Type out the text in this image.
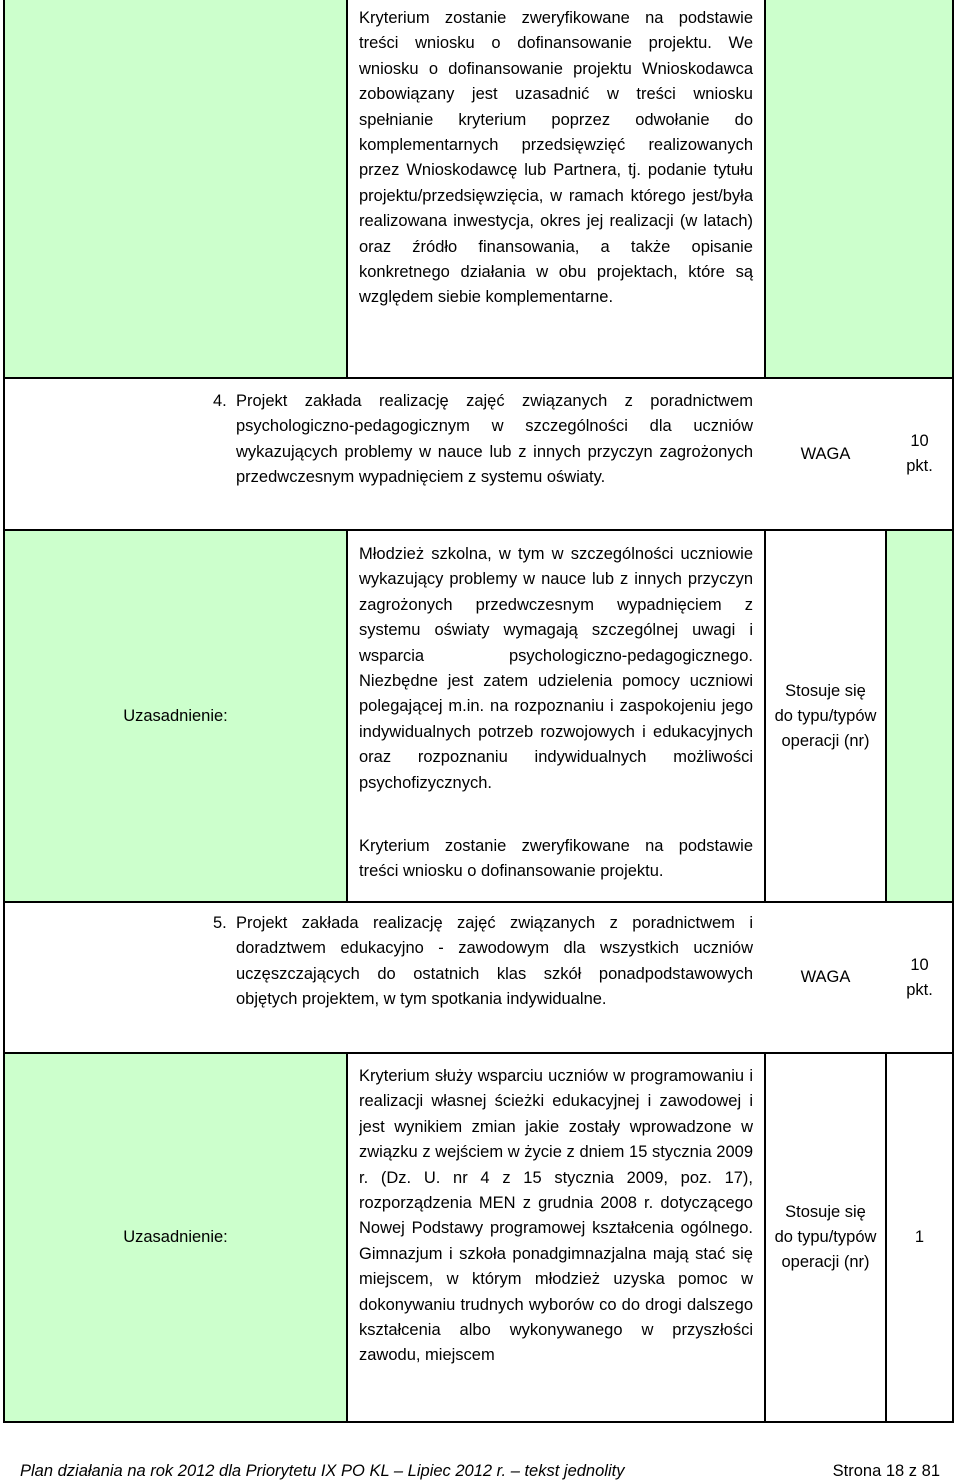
Kryterium zostanie zweryfikowane na podstawie treści wniosku o dofinansowanie projektu. We wniosku o dofinansowanie projektu Wnioskodawca zobowiązany jest uzasadnić w treści wniosku spełnianie kryterium poprzez odwołanie do komplementarnych przedsięwzięć realizowanych przez Wnioskodawcę lub Partnera, tj. podanie tytułu projektu/przedsięwzięcia, w ramach którego jest/była realizowana inwestycja, okres jej realizacji (w latach) oraz źródło finansowania, a także opisanie konkretnego działania w obu projektach, które są względem siebie komplementarne.
4. Projekt zakłada realizację zajęć związanych z poradnictwem psychologiczno-pedagogicznym w szczególności dla uczniów wykazujących problemy w nauce lub z innych przyczyn zagrożonych przedwczesnym wypadnięciem z systemu oświaty.
WAGA
10 pkt.
Uzasadnienie:
Młodzież szkolna, w tym w szczególności uczniowie wykazujący problemy w nauce lub z innych przyczyn zagrożonych przedwczesnym wypadnięciem z systemu oświaty wymagają szczególnej uwagi i wsparcia psychologiczno-pedagogicznego. Niezbędne jest zatem udzielenia pomocy uczniowi polegającej m.in. na rozpoznaniu i zaspokojeniu jego indywidualnych potrzeb rozwojowych i edukacyjnych oraz rozpoznaniu indywidualnych możliwości psychofizycznych.
Kryterium zostanie zweryfikowane na podstawie treści wniosku o dofinansowanie projektu.
Stosuje się do typu/typów operacji (nr)
5. Projekt zakłada realizację zajęć związanych z poradnictwem i doradztwem edukacyjno - zawodowym dla wszystkich uczniów uczęszczających do ostatnich klas szkół ponadpodstawowych objętych projektem, w tym spotkania indywidualne.
WAGA
10 pkt.
Uzasadnienie:
Kryterium służy wsparciu uczniów w programowaniu i realizacji własnej ścieżki edukacyjnej i zawodowej i jest wynikiem zmian jakie zostały wprowadzone w związku z wejściem w życie z dniem 15 stycznia 2009 r. (Dz. U. nr 4 z 15 stycznia 2009, poz. 17), rozporządzenia MEN z grudnia 2008 r. dotyczącego Nowej Podstawy programowej kształcenia ogólnego. Gimnazjum i szkoła ponadgimnazjalna mają stać się miejscem, w którym młodzież uzyska pomoc w dokonywaniu trudnych wyborów co do drogi dalszego kształcenia albo wykonywanego w przyszłości zawodu, miejscem
Stosuje się do typu/typów operacji (nr)
1
Plan działania na rok 2012 dla Priorytetu IX PO KL – Lipiec 2012 r. – tekst jednolity	Strona 18 z 81
